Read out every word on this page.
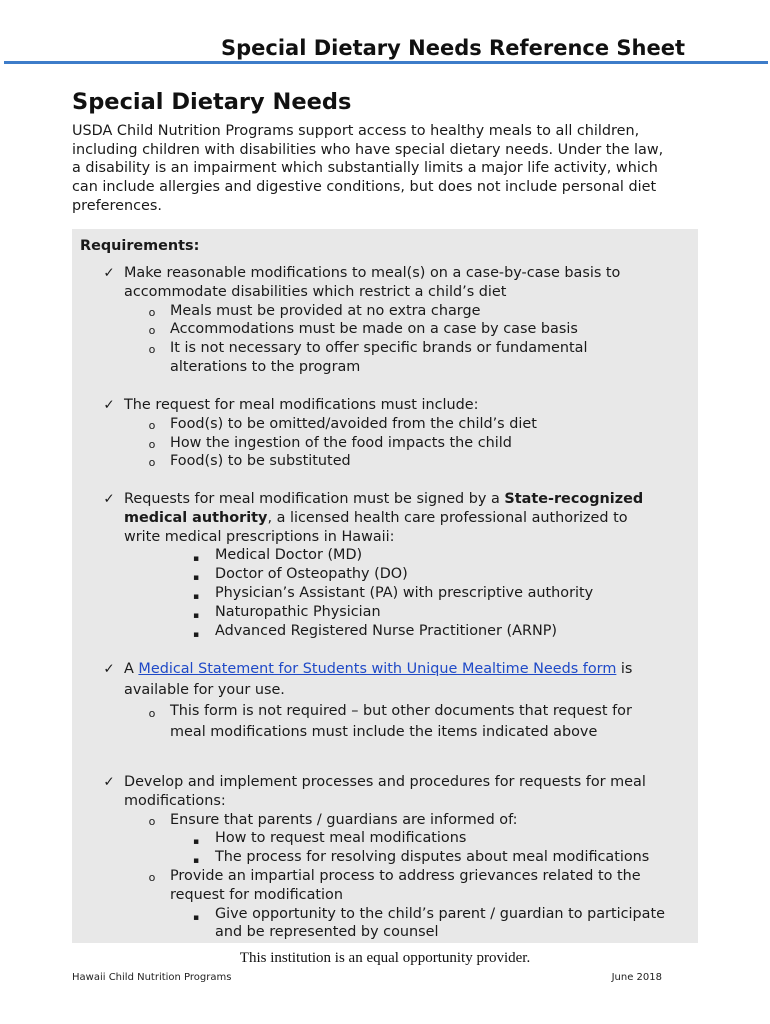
Special Dietary Needs Reference Sheet
Special Dietary Needs

USDA Child Nutrition Programs support access to healthy meals to all children,
including children with disabilities who have special dietary needs. Under the law,
a disability is an impairment which substantially limits a major life activity, which
can include allergies and digestive conditions, but does not include personal diet
preferences.

Requirements:

✓ Make reasonable modifications to meal(s) on a case-by-case basis to
accommodate disabilities which restrict a child’s diet
o Meals must be provided at no extra charge
o Accommodations must be made on a case by case basis
o It is not necessary to offer specific brands or fundamental
alterations to the program
✓ The request for meal modifications must include:
o Food(s) to be omitted/avoided from the child’s diet
o How the ingestion of the food impacts the child
o Food(s) to be substituted
✓ Requests for meal modification must be signed by a State-recognized
medical authority, a licensed health care professional authorized to
write medical prescriptions in Hawaii:
▪ Medical Doctor (MD)
▪ Doctor of Osteopathy (DO)
▪ Physician’s Assistant (PA) with prescriptive authority
▪ Naturopathic Physician
▪ Advanced Registered Nurse Practitioner (ARNP)
✓ A Medical Statement for Students with Unique Mealtime Needs form is
available for your use.
o This form is not required – but other documents that request for
meal modifications must include the items indicated above
✓ Develop and implement processes and procedures for requests for meal
modifications:
o Ensure that parents / guardians are informed of:
▪ How to request meal modifications
▪ The process for resolving disputes about meal modifications
o Provide an impartial process to address grievances related to the
request for modification
▪ Give opportunity to the child’s parent / guardian to participate
and be represented by counsel

This institution is an equal opportunity provider.

Hawaii Child Nutrition Programs	June 2018
